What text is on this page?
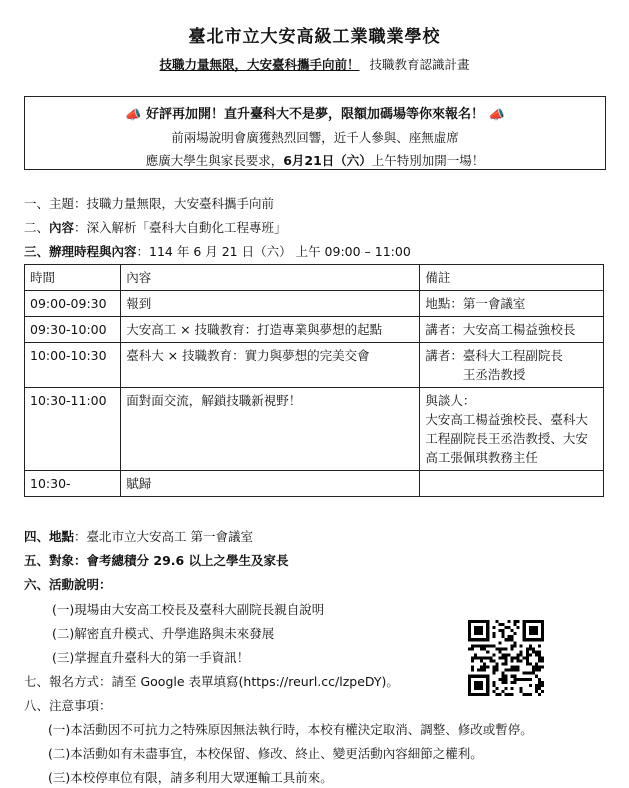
臺北市立大安高級工業職業學校
技職力量無限，大安臺科攜手向前！ 技職教育認識計畫
📣 好評再加開！直升臺科大不是夢，限額加碼場等你來報名！ 📣
前兩場說明會廣獲熱烈回響，近千人參與、座無虛席
應廣大學生與家長要求，6月21日（六）上午特別加開一場！
一、主題：技職力量無限，大安臺科攜手向前
二、內容：深入解析「臺科大自動化工程專班」
三、辦理時程與內容：114 年 6 月 21 日（六） 上午 09:00 – 11:00
時間	內容	備註
09:00-09:30	報到	地點：第一會議室

09:30-10:00	大安高工 × 技職教育：打造專業與夢想的起點	講者：大安高工楊益強校長

10:00-10:30	臺科大 × 技職教育：實力與夢想的完美交會	講者：臺科大工程副院長
　　　王丞浩教授

10:30-11:00	面對面交流，解鎖技職新視野！	與談人：
大安高工楊益強校長、臺科大
工程副院長王丞浩教授、大安
高工張佩琪教務主任

10:30-	賦歸	
四、地點：臺北市立大安高工 第一會議室
五、對象：會考總積分 29.6 以上之學生及家長
六、活動說明：
(一)現場由大安高工校長及臺科大副院長親自說明
(二)解密直升模式、升學進路與未來發展
(三)掌握直升臺科大的第一手資訊！
七、報名方式：請至 Google 表單填寫(https://reurl.cc/lzpeDY)。
八、注意事項：
(一)本活動因不可抗力之特殊原因無法執行時，本校有權決定取消、調整、修改或暫停。
(二)本活動如有未盡事宜，本校保留、修改、終止、變更活動內容細節之權利。
(三)本校停車位有限，請多利用大眾運輸工具前來。
